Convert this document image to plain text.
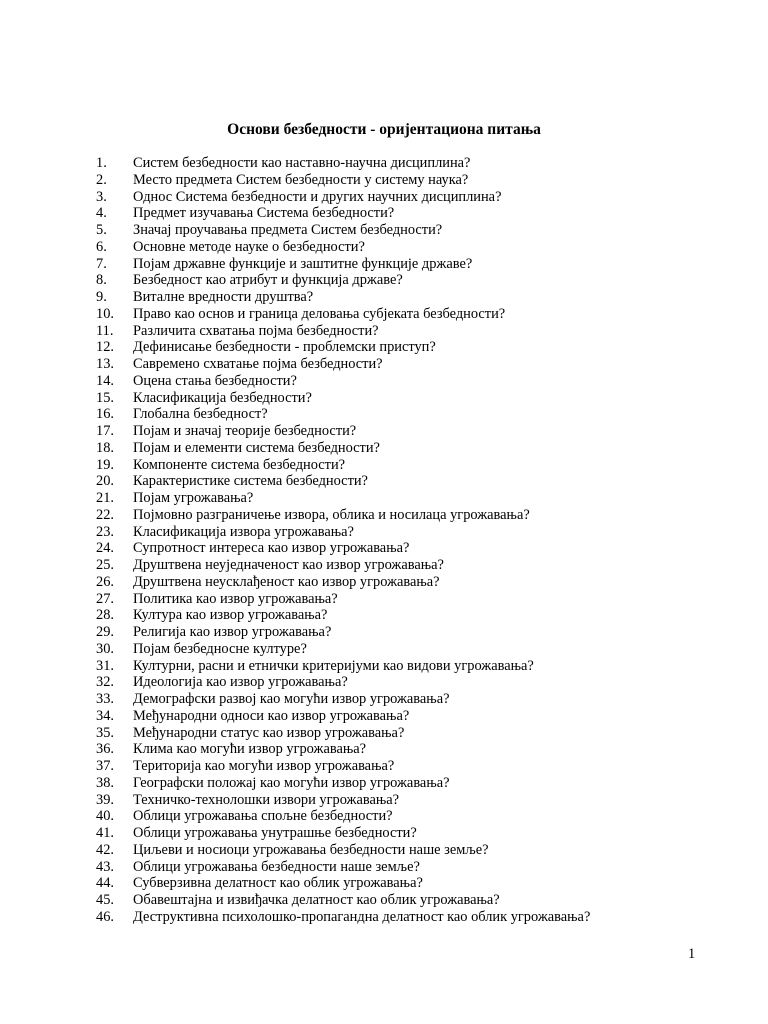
Основи безбедности - оријентациона питања
1. Систем безбедности као наставно-научна дисциплина?
2. Место предмета Систем безбедности у систему наука?
3. Однос Система безбедности и других научних дисциплина?
4. Предмет изучавања Система безбедности?
5. Значај проучавања предмета Систем безбедности?
6. Основне методе науке о безбедности?
7. Појам државне функције и заштитне функције државе?
8. Безбедност као атрибут и функција државе?
9. Виталне вредности друштва?
10. Право као основ и граница деловања субјеката безбедности?
11. Различита схватања појма безбедности?
12. Дефинисање безбедности - проблемски приступ?
13. Савремено схватање појма безбедности?
14. Оцена стања безбедности?
15. Класификација безбедности?
16. Глобална безбедност?
17. Појам и значај теорије безбедности?
18. Појам и елементи система безбедности?
19. Компоненте система безбедности?
20. Карактеристике система безбедности?
21. Појам угрожавања?
22. Појмовно разграничење извора, облика и носилаца угрожавања?
23. Класификација извора угрожавања?
24. Супротност интереса као извор угрожавања?
25. Друштвена неуједначеност као извор угрожавања?
26. Друштвена неусклађеност као извор угрожавања?
27. Политика као извор угрожавања?
28. Култура као извор угрожавања?
29. Религија као извор угрожавања?
30. Појам безбедносне културе?
31. Културни, расни и етнички критеријуми као видови угрожавања?
32. Идеологија као извор угрожавања?
33. Демографски развој као могући извор угрожавања?
34. Међународни односи као извор угрожавања?
35. Међународни статус као извор угрожавања?
36. Клима као могући извор угрожавања?
37. Територија као могући извор угрожавања?
38. Географски положај као могући извор угрожавања?
39. Техничко-технолошки извори угрожавања?
40. Облици угрожавања спољне безбедности?
41. Облици угрожавања унутрашње безбедности?
42. Циљеви и носиоци угрожавања безбедности наше земље?
43. Облици угрожавања безбедности наше земље?
44. Субверзивна делатност као облик угрожавања?
45. Обавештајна и извиђачка делатност као облик угрожавања?
46. Деструктивна психолошко-пропагандна делатност као облик угрожавања?
1
